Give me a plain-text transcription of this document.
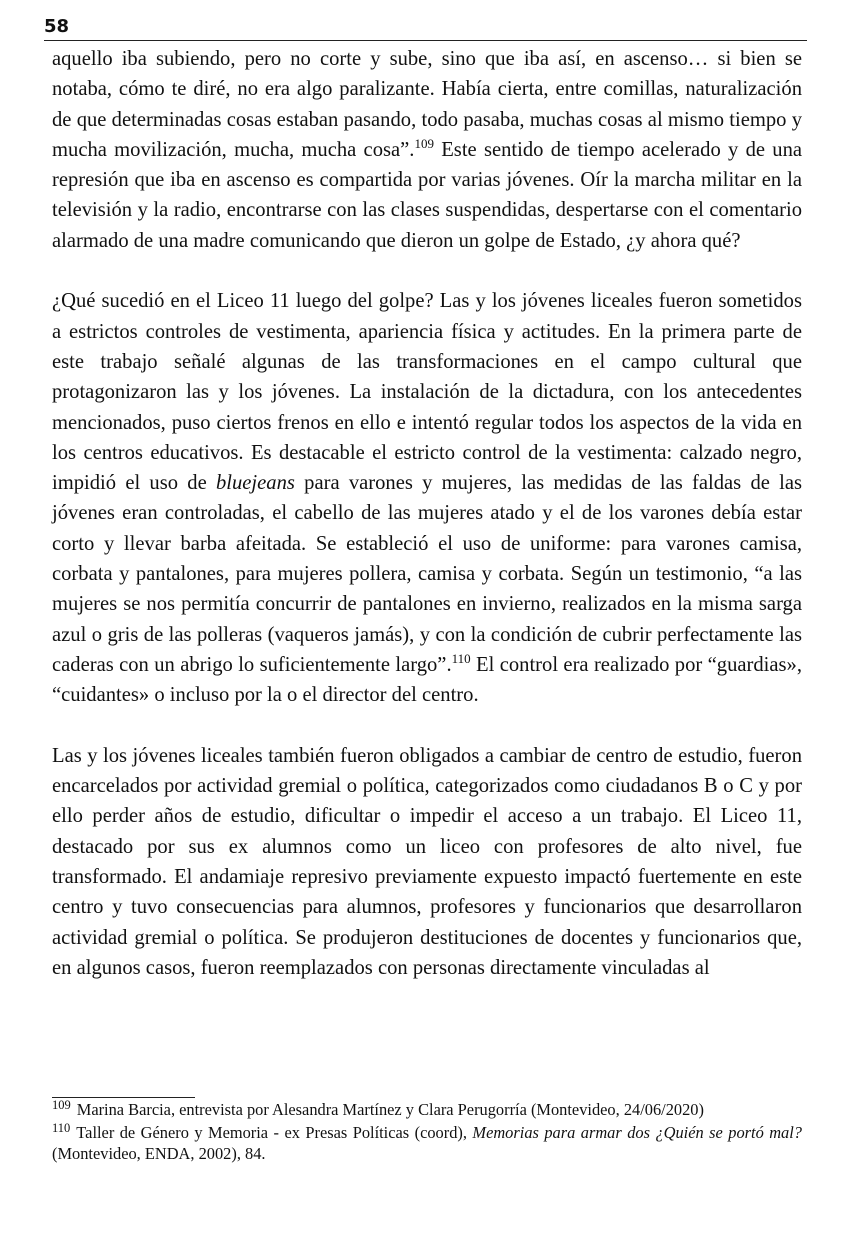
58

aquello iba subiendo, pero no corte y sube, sino que iba así, en ascenso… si bien se notaba, cómo te diré, no era algo paralizante. Había cierta, entre comillas, naturalización de que determinadas cosas estaban pasando, todo pasaba, muchas cosas al mismo tiempo y mucha movilización, mucha, mucha cosa”.$^{109}$ Este sentido de tiempo acelerado y de una represión que iba en ascenso es compartida por varias jóvenes. Oír la marcha militar en la televisión y la radio, encontrarse con las clases suspendidas, despertarse con el comentario alarmado de una madre comunicando que dieron un golpe de Estado, ¿y ahora qué?

¿Qué sucedió en el Liceo 11 luego del golpe? Las y los jóvenes liceales fueron sometidos a estrictos controles de vestimenta, apariencia física y actitudes. En la primera parte de este trabajo señalé algunas de las transformaciones en el campo cultural que protagonizaron las y los jóvenes. La instalación de la dictadura, con los antecedentes mencionados, puso ciertos frenos en ello e intentó regular todos los aspectos de la vida en los centros educativos. Es destacable el estricto control de la vestimenta: calzado negro, impidió el uso de bluejeans para varones y mujeres, las medidas de las faldas de las jóvenes eran controladas, el cabello de las mujeres atado y el de los varones debía estar corto y llevar barba afeitada. Se estableció el uso de uniforme: para varones camisa, corbata y pantalones, para mujeres pollera, camisa y corbata. Según un testimonio, “a las mujeres se nos permitía concurrir de pantalones en invierno, realizados en la misma sarga azul o gris de las polleras (vaqueros jamás), y con la condición de cubrir perfectamente las caderas con un abrigo lo suficientemente largo”.$^{110}$ El control era realizado por “guardias», “cuidantes» o incluso por la o el director del centro.

Las y los jóvenes liceales también fueron obligados a cambiar de centro de estudio, fueron encarcelados por actividad gremial o política, categorizados como ciudadanos B o C y por ello perder años de estudio, dificultar o impedir el acceso a un trabajo. El Liceo 11, destacado por sus ex alumnos como un liceo con profesores de alto nivel, fue transformado. El andamiaje represivo previamente expuesto impactó fuertemente en este centro y tuvo consecuencias para alumnos, profesores y funcionarios que desarrollaron actividad gremial o política. Se produjeron destituciones de docentes y funcionarios que, en algunos casos, fueron reemplazados con personas directamente vinculadas al

$^{109}$ Marina Barcia, entrevista por Alesandra Martínez y Clara Perugorría (Montevideo, 24/06/2020)

$^{110}$ Taller de Género y Memoria - ex Presas Políticas (coord), Memorias para armar dos ¿Quién se portó mal? (Montevideo, ENDA, 2002), 84.
